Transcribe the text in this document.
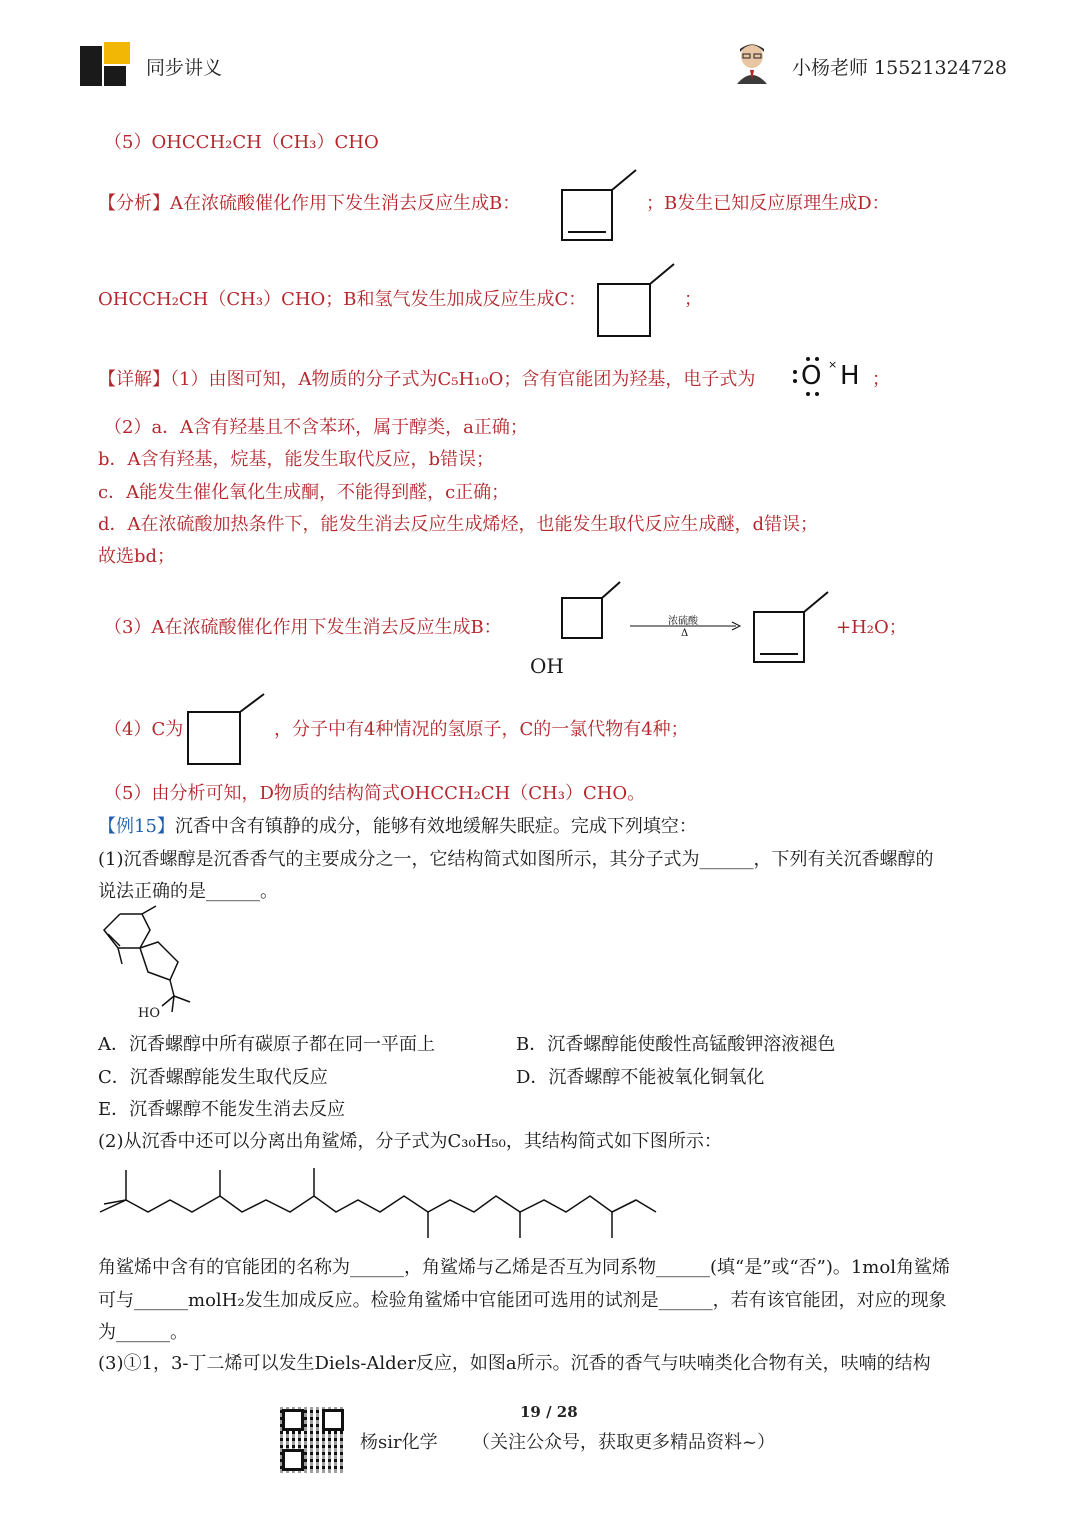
同步讲义	小杨老师 15521324728
（5）OHCCH₂CH（CH₃）CHO
【分析】A在浓硫酸催化作用下发生消去反应生成B：	；B发生已知反应原理生成D：
OHCCH₂CH（CH₃）CHO；B和氢气发生加成反应生成C：	；
【详解】（1）由图可知，A物质的分子式为C₅H₁₀O；含有官能团为羟基，电子式为
×
O H ；
（2）a．A含有羟基且不含苯环，属于醇类，a正确；
b．A含有羟基，烷基，能发生取代反应，b错误；
c．A能发生催化氧化生成酮，不能得到醛，c正确；
d．A在浓硫酸加热条件下，能发生消去反应生成烯烃，也能发生取代反应生成醚，d错误；
故选bd；
（3）A在浓硫酸催化作用下发生消去反应生成B：
OH
浓硫酸
Δ	+H₂O；
（4）C为	，分子中有4种情况的氢原子，C的一氯代物有4种；
（5）由分析可知，D物质的结构简式OHCCH₂CH（CH₃）CHO。
【例15】沉香中含有镇静的成分，能够有效地缓解失眠症。完成下列填空：
(1)沉香螺醇是沉香香气的主要成分之一，它结构简式如图所示，其分子式为______，下列有关沉香螺醇的
说法正确的是______。
HO
A．沉香螺醇中所有碳原子都在同一平面上	B．沉香螺醇能使酸性高锰酸钾溶液褪色
C．沉香螺醇能发生取代反应	D．沉香螺醇不能被氧化铜氧化
E．沉香螺醇不能发生消去反应
(2)从沉香中还可以分离出角鲨烯，分子式为C₃₀H₅₀，其结构简式如下图所示：
角鲨烯中含有的官能团的名称为______，角鲨烯与乙烯是否互为同系物______(填“是”或“否”)。1mol角鲨烯
可与______molH₂发生加成反应。检验角鲨烯中官能团可选用的试剂是______，若有该官能团，对应的现象
为______。
(3)①1，3-丁二烯可以发生Diels-Alder反应，如图a所示。沉香的香气与呋喃类化合物有关，呋喃的结构
19 / 28
杨sir化学 （关注公众号，获取更多精品资料~）
